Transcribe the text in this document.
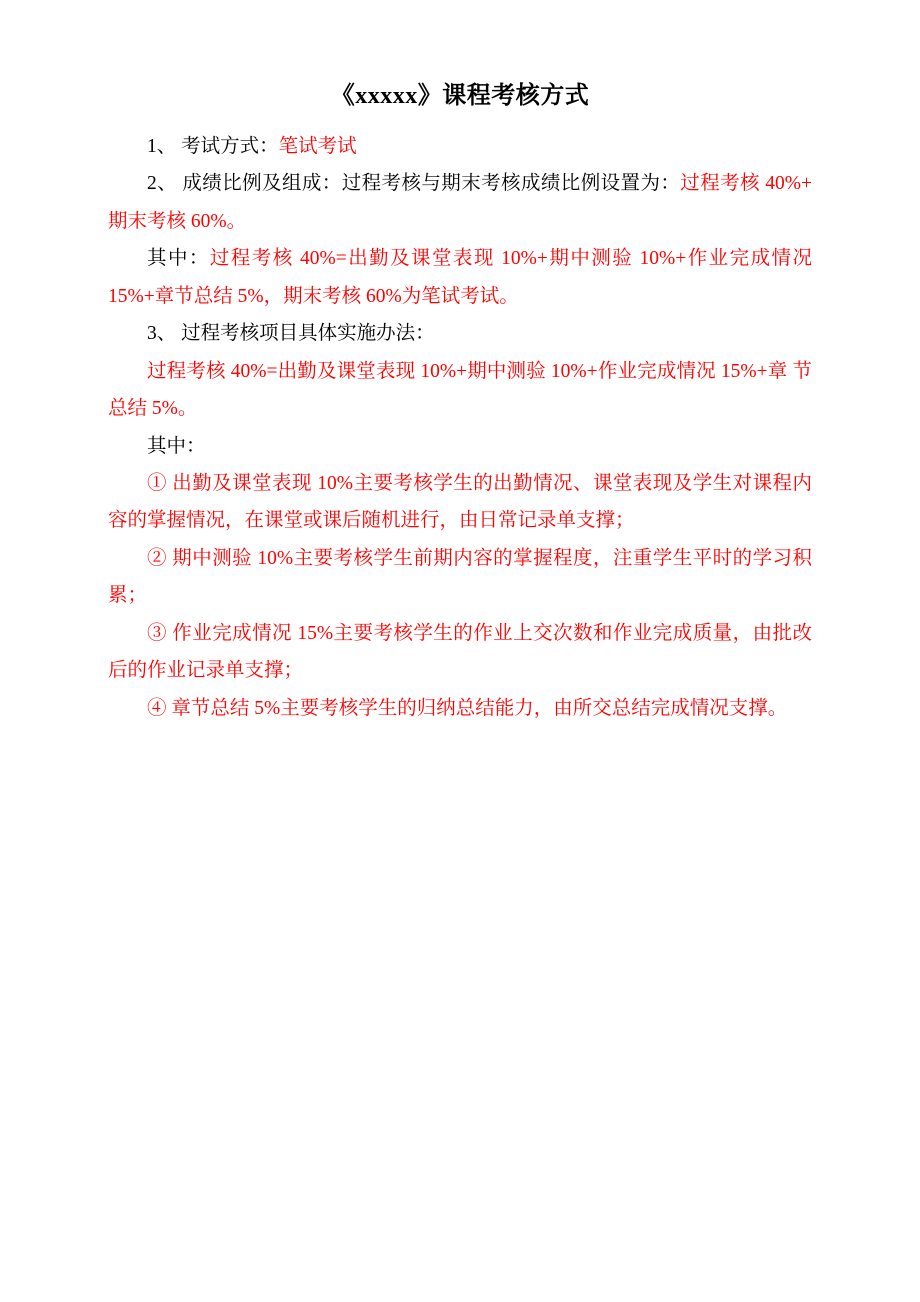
《xxxxx》课程考核方式

1、 考试方式：笔试考试

2、 成绩比例及组成：过程考核与期末考核成绩比例设置为：过程考核 40%+ 期末考核 60%。

其中：过程考核 40%=出勤及课堂表现 10%+期中测验 10%+作业完成情况 15%+章节总结 5%，期末考核 60%为笔试考试。

3、 过程考核项目具体实施办法：

过程考核 40%=出勤及课堂表现 10%+期中测验 10%+作业完成情况 15%+章 节总结 5%。

其中：

① 出勤及课堂表现 10%主要考核学生的出勤情况、课堂表现及学生对课程内 容的掌握情况，在课堂或课后随机进行，由日常记录单支撑；

② 期中测验 10%主要考核学生前期内容的掌握程度，注重学生平时的学习积 累；

③ 作业完成情况 15%主要考核学生的作业上交次数和作业完成质量，由批改 后的作业记录单支撑；

④ 章节总结 5%主要考核学生的归纳总结能力，由所交总结完成情况支撑。
